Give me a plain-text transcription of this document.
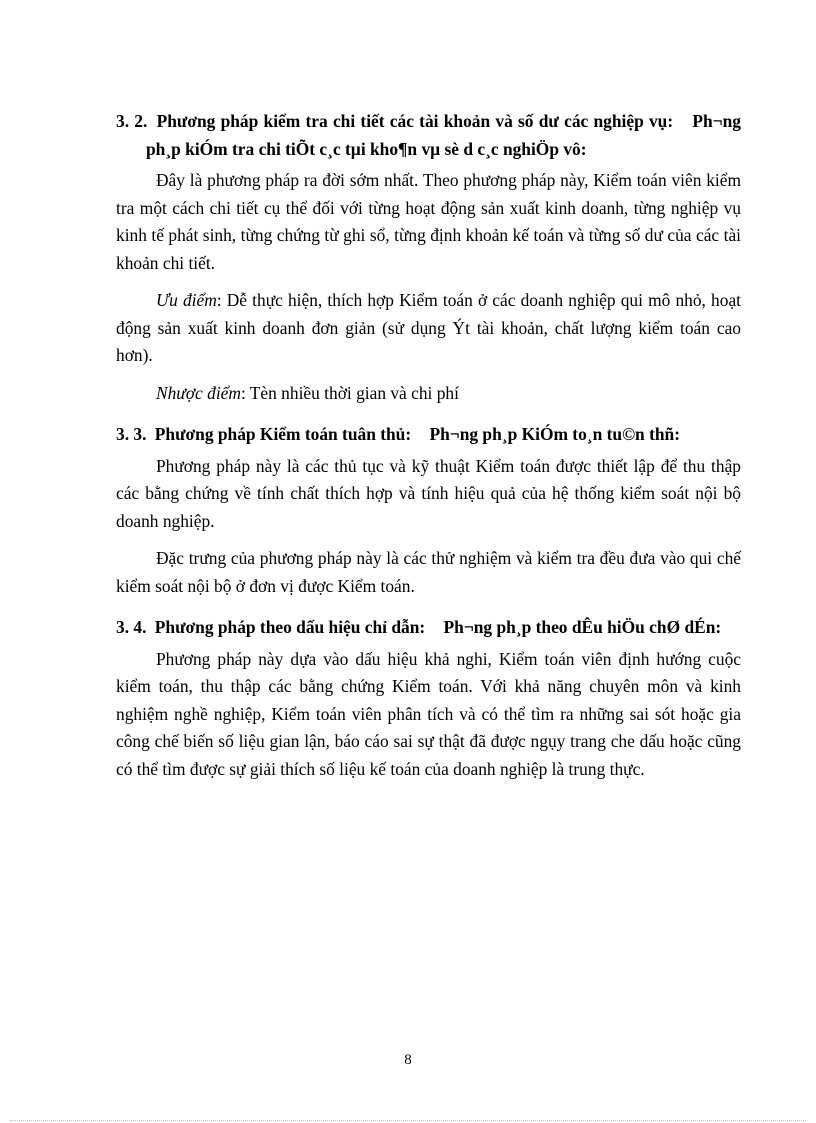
3. 2. Phương pháp kiểm tra chi tiết các tài khoản và số dư các nghiệp vụ: Ph¬ng ph¸p kiÓm tra chi tiÕt c¸c tµi kho¶n vµ sè d c¸c nghiÖp vô:

Đây là phương pháp ra đời sớm nhất. Theo phương pháp này, Kiểm toán viên kiểm tra một cách chi tiết cụ thể đối với từng hoạt động sản xuất kinh doanh, từng nghiệp vụ kinh tế phát sinh, từng chứng từ ghi sổ, từng định khoản kế toán và từng số dư của các tài khoản chi tiết.

Ưu điểm: Dễ thực hiện, thích hợp Kiểm toán ở các doanh nghiệp qui mô nhỏ, hoạt động sản xuất kinh doanh đơn giản (sử dụng Ýt tài khoản, chất lượng kiểm toán cao hơn).

Nhược điểm: Tèn nhiều thời gian và chi phí

3. 3. Phương pháp Kiểm toán tuân thủ: Ph¬ng ph¸p KiÓm to¸n tu©n thñ:

Phương pháp này là các thủ tục và kỹ thuật Kiểm toán được thiết lập để thu thập các bằng chứng về tính chất thích hợp và tính hiệu quả của hệ thống kiểm soát nội bộ doanh nghiệp.

Đặc trưng của phương pháp này là các thử nghiệm và kiểm tra đều đưa vào qui chế kiểm soát nội bộ ở đơn vị được Kiểm toán.

3. 4. Phương pháp theo dấu hiệu chỉ dẫn: Ph¬ng ph¸p theo dÊu hiÖu chØ dÉn:

Phương pháp này dựa vào dấu hiệu khả nghi, Kiểm toán viên định hướng cuộc kiểm toán, thu thập các bằng chứng Kiểm toán. Với khả năng chuyên môn và kinh nghiệm nghề nghiệp, Kiểm toán viên phân tích và có thể tìm ra những sai sót hoặc gia công chế biến số liệu gian lận, báo cáo sai sự thật đã được ngụy trang che dấu hoặc cũng có thể tìm được sự giải thích số liệu kế toán của doanh nghiệp là trung thực.

8
